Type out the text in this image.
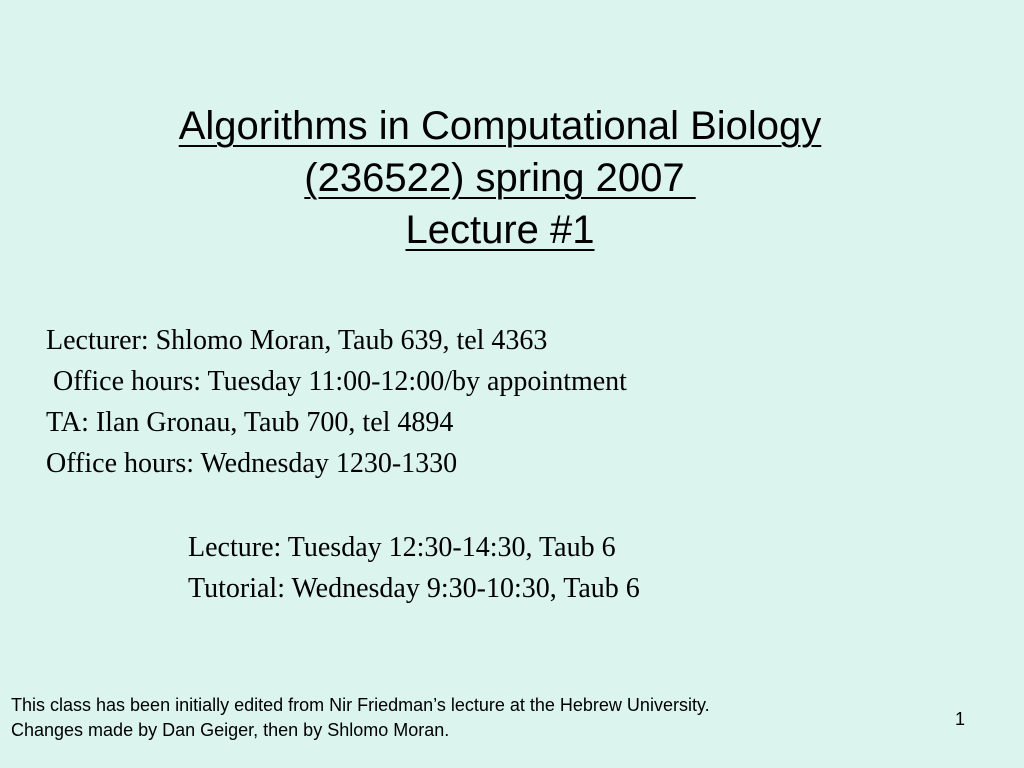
Algorithms in Computational Biology
(236522) spring 2007
Lecture #1
Lecturer: Shlomo Moran, Taub 639, tel 4363
Office hours: Tuesday 11:00-12:00/by appointment
TA: Ilan Gronau, Taub 700, tel 4894
Office hours: Wednesday 1230-1330
Lecture: Tuesday 12:30-14:30, Taub 6
Tutorial: Wednesday 9:30-10:30, Taub 6
This class has been initially edited from Nir Friedman’s lecture at the Hebrew University.
Changes made by Dan Geiger, then by Shlomo Moran.
1
